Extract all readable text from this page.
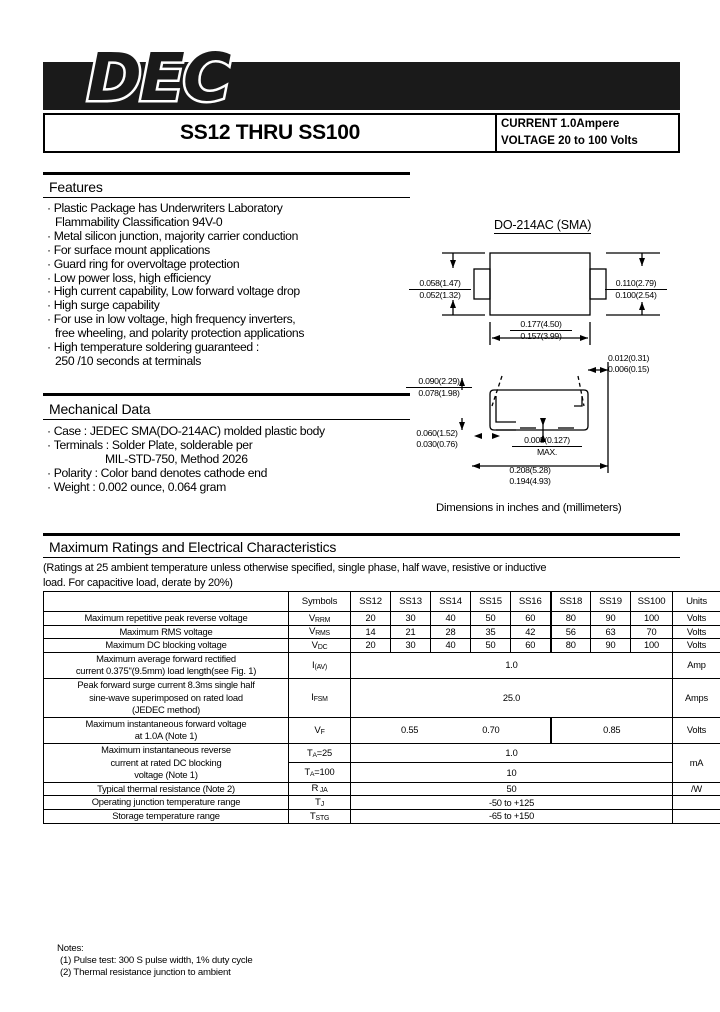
DEC
SS12 THRU SS100	CURRENT 1.0Ampere
VOLTAGE 20 to 100 Volts
Features
· Plastic Package has Underwriters Laboratory
Flammability Classification 94V-0
· Metal silicon junction, majority carrier conduction
· For surface mount applications
· Guard ring for overvoltage protection
· Low power loss, high efficiency
· High current capability, Low forward voltage drop
· High surge capability
· For use in low voltage, high frequency inverters,
free wheeling, and polarity protection applications
· High temperature soldering guaranteed :
250 /10 seconds at terminals
Mechanical Data
· Case : JEDEC SMA(DO-214AC) molded plastic body
· Terminals : Solder Plate, solderable per
MIL-STD-750, Method 2026
· Polarity : Color band denotes cathode end
· Weight : 0.002 ounce, 0.064 gram
DO-214AC (SMA)
0.058(1.47)
0.052(1.32)
0.110(2.79)
0.100(2.54)
0.177(4.50)
0.157(3.99)
0.090(2.29)
0.078(1.98)
0.012(0.31)
0.006(0.15)
0.060(1.52)
0.030(0.76)	0.005(0.127)
MAX.
0.208(5.28)
0.194(4.93)
Dimensions in inches and (millimeters)
Maximum Ratings and Electrical Characteristics
(Ratings at 25 ambient temperature unless otherwise specified, single phase, half wave, resistive or inductive
load. For capacitive load, derate by 20%)
	Symbols	SS12	SS13	SS14	SS15	SS16	SS18	SS19	SS100	Units
Maximum repetitive peak reverse voltage	$V_{RRM}$	20	30	40	50	60	80	90	100	Volts
Maximum RMS voltage	$V_{RMS}$	14	21	28	35	42	56	63	70	Volts
Maximum DC blocking voltage	$V_{DC}$	20	30	40	50	60	80	90	100	Volts
Maximum average forward rectified
current 0.375"(9.5mm) load length(see Fig. 1)	$I_{(AV)}$	1.0								Amp
Peak forward surge current 8.3ms single half
sine-wave superimposed on rated load
(JEDEC method)	$I_{FSM}$	25.0								Amps
Maximum instantaneous forward voltage
at 1.0A (Note 1)	$V_F$	0.55 0.70					0.85			Volts
Maximum instantaneous reverse
current at rated DC blocking
voltage (Note 1)	$T_A=25$	1.0								mA
	$T_A=100$	10								
Typical thermal resistance (Note 2)	R $_{JA}$	50								/W
Operating junction temperature range	$T_J$	-50 to +125								
Storage temperature range	$T_{STG}$	-65 to +150								
Notes:
(1) Pulse test: 300 S pulse width, 1% duty cycle
(2) Thermal resistance junction to ambient
